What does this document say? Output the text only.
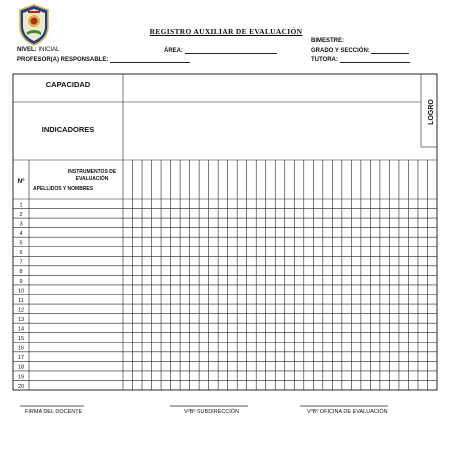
REGISTRO AUXILIAR DE EVALUACIÓN
BIMESTRE:
NIVEL: INICIAL	ÁREA:	GRADO Y SECCIÓN:
PROFESOR(A) RESPONSABLE:	TUTORA:
CAPACIDAD
INDICADORES
LOGRO
Nº
INSTRUMENTOS DE
EVALUACIÓN
APELLIDOS Y NOMBRES
1
2
3
4
5
6
7
8
9
10
11
12
13
14
15
16
17
18
19
20
FIRMA DEL DOCENTE	VºBº SUBDIRECCIÓN	VºBº OFICINA DE EVALUACIÓN
